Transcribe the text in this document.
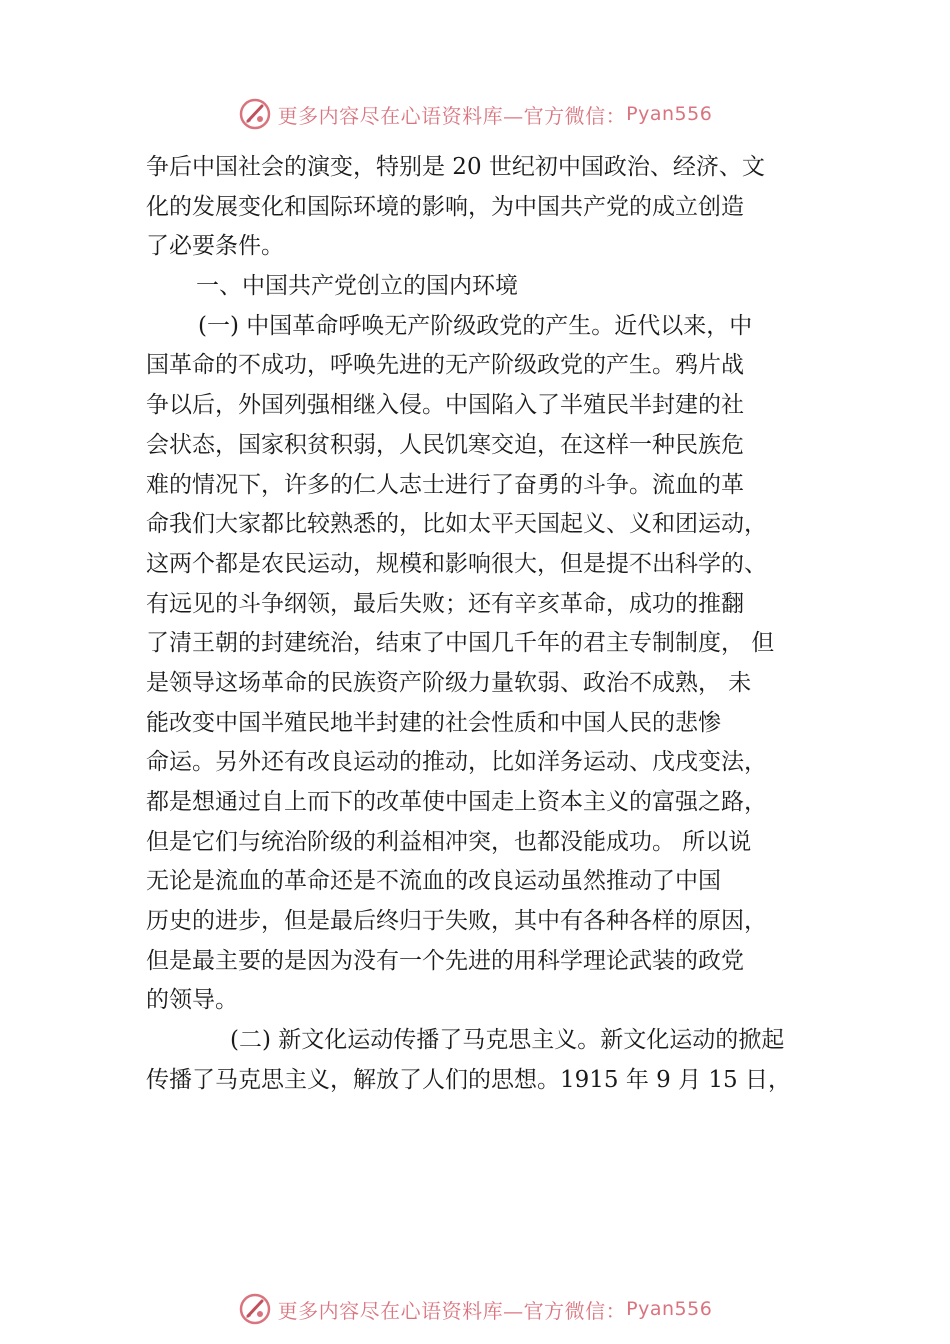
更多内容尽在心语资料库—官方微信： Pyan556
争后中国社会的演变，特别是 20 世纪初中国政治、经济、文
化的发展变化和国际环境的影响，为中国共产党的成立创造
了必要条件。
一、中国共产党创立的国内环境
(一) 中国革命呼唤无产阶级政党的产生。近代以来，中
国革命的不成功，呼唤先进的无产阶级政党的产生。鸦片战
争以后，外国列强相继入侵。中国陷入了半殖民半封建的社
会状态，国家积贫积弱，人民饥寒交迫，在这样一种民族危
难的情况下，许多的仁人志士进行了奋勇的斗争。流血的革
命我们大家都比较熟悉的，比如太平天国起义、义和团运动，
这两个都是农民运动，规模和影响很大，但是提不出科学的、
有远见的斗争纲领，最后失败；还有辛亥革命，成功的推翻
了清王朝的封建统治，结束了中国几千年的君主专制制度， 但
是领导这场革命的民族资产阶级力量软弱、政治不成熟， 未
能改变中国半殖民地半封建的社会性质和中国人民的悲惨
命运。另外还有改良运动的推动，比如洋务运动、戊戌变法，
都是想通过自上而下的改革使中国走上资本主义的富强之路，
但是它们与统治阶级的利益相冲突，也都没能成功。 所以说
无论是流血的革命还是不流血的改良运动虽然推动了中国
历史的进步，但是最后终归于失败，其中有各种各样的原因，
但是最主要的是因为没有一个先进的用科学理论武装的政党
的领导。
(二) 新文化运动传播了马克思主义。新文化运动的掀起
传播了马克思主义，解放了人们的思想。1915 年 9 月 15 日，
更多内容尽在心语资料库—官方微信： Pyan556
